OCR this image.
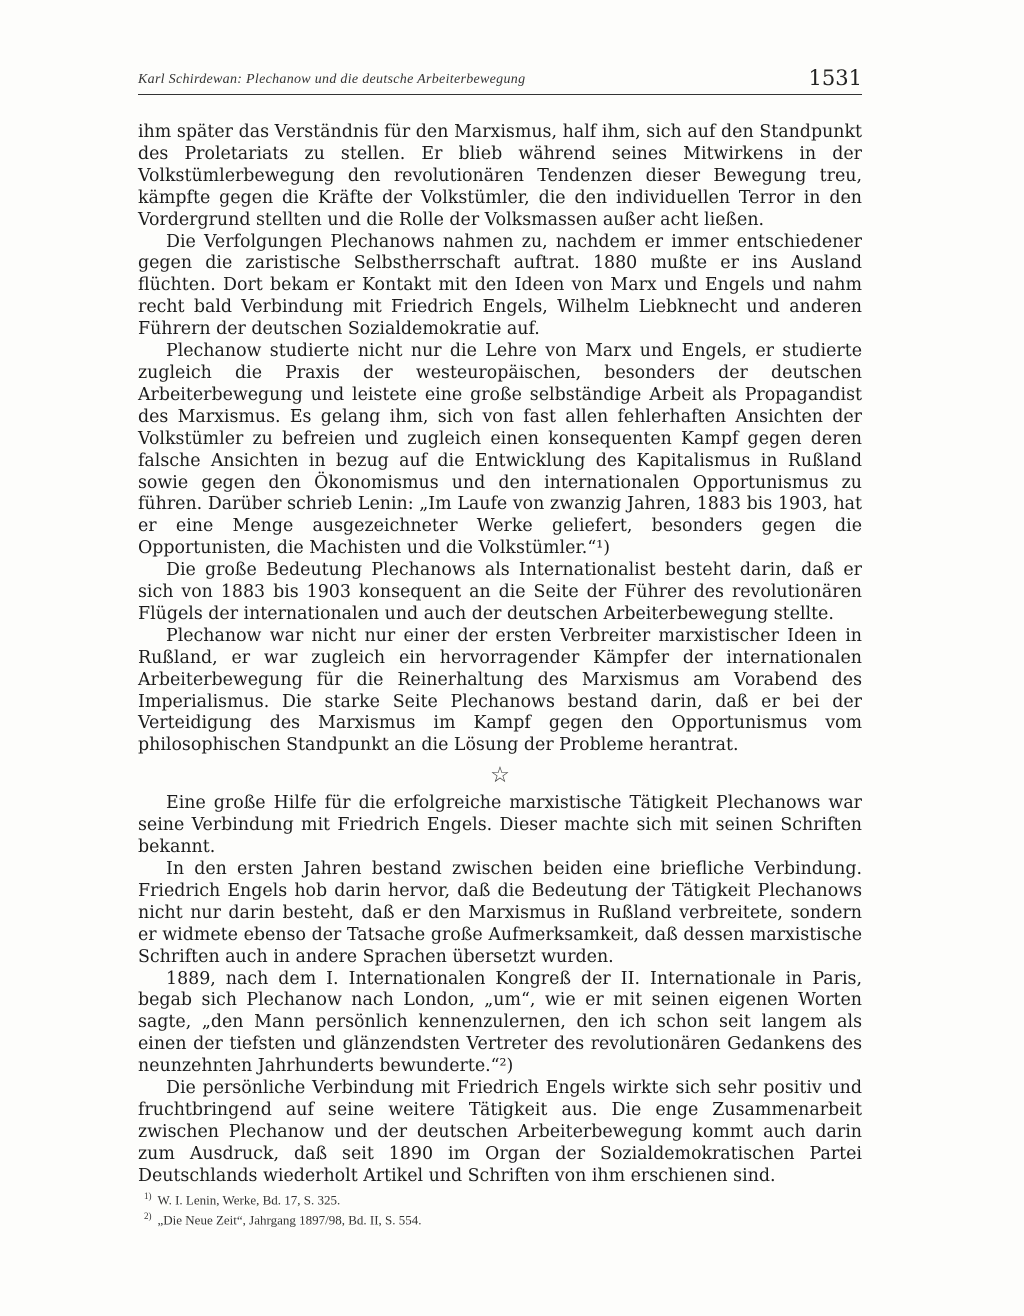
Karl Schirdewan: Plechanow und die deutsche Arbeiterbewegung	1531

ihm später das Verständnis für den Marxismus, half ihm, sich auf den Standpunkt des Proletariats zu stellen. Er blieb während seines Mitwirkens in der Volkstümlerbewegung den revolutionären Tendenzen dieser Bewegung treu, kämpfte gegen die Kräfte der Volkstümler, die den individuellen Terror in den Vordergrund stellten und die Rolle der Volksmassen außer acht ließen.

Die Verfolgungen Plechanows nahmen zu, nachdem er immer entschiedener gegen die zaristische Selbstherrschaft auftrat. 1880 mußte er ins Ausland flüchten. Dort bekam er Kontakt mit den Ideen von Marx und Engels und nahm recht bald Verbindung mit Friedrich Engels, Wilhelm Liebknecht und anderen Führern der deutschen Sozialdemokratie auf.

Plechanow studierte nicht nur die Lehre von Marx und Engels, er studierte zugleich die Praxis der westeuropäischen, besonders der deutschen Arbeiterbewegung und leistete eine große selbständige Arbeit als Propagandist des Marxismus. Es gelang ihm, sich von fast allen fehlerhaften Ansichten der Volkstümler zu befreien und zugleich einen konsequenten Kampf gegen deren falsche Ansichten in bezug auf die Entwicklung des Kapitalismus in Rußland sowie gegen den Ökonomismus und den internationalen Opportunismus zu führen. Darüber schrieb Lenin: „Im Laufe von zwanzig Jahren, 1883 bis 1903, hat er eine Menge ausgezeichneter Werke geliefert, besonders gegen die Opportunisten, die Machisten und die Volkstümler.“¹)

Die große Bedeutung Plechanows als Internationalist besteht darin, daß er sich von 1883 bis 1903 konsequent an die Seite der Führer des revolutionären Flügels der internationalen und auch der deutschen Arbeiterbewegung stellte.

Plechanow war nicht nur einer der ersten Verbreiter marxistischer Ideen in Rußland, er war zugleich ein hervorragender Kämpfer der internationalen Arbeiterbewegung für die Reinerhaltung des Marxismus am Vorabend des Imperialismus. Die starke Seite Plechanows bestand darin, daß er bei der Verteidigung des Marxismus im Kampf gegen den Opportunismus vom philosophischen Standpunkt an die Lösung der Probleme herantrat.

☆

Eine große Hilfe für die erfolgreiche marxistische Tätigkeit Plechanows war seine Verbindung mit Friedrich Engels. Dieser machte sich mit seinen Schriften bekannt.

In den ersten Jahren bestand zwischen beiden eine briefliche Verbindung. Friedrich Engels hob darin hervor, daß die Bedeutung der Tätigkeit Plechanows nicht nur darin besteht, daß er den Marxismus in Rußland verbreitete, sondern er widmete ebenso der Tatsache große Aufmerksamkeit, daß dessen marxistische Schriften auch in andere Sprachen übersetzt wurden.

1889, nach dem I. Internationalen Kongreß der II. Internationale in Paris, begab sich Plechanow nach London, „um“, wie er mit seinen eigenen Worten sagte, „den Mann persönlich kennenzulernen, den ich schon seit langem als einen der tiefsten und glänzendsten Vertreter des revolutionären Gedankens des neunzehnten Jahrhunderts bewunderte.“²)

Die persönliche Verbindung mit Friedrich Engels wirkte sich sehr positiv und fruchtbringend auf seine weitere Tätigkeit aus. Die enge Zusammenarbeit zwischen Plechanow und der deutschen Arbeiterbewegung kommt auch darin zum Ausdruck, daß seit 1890 im Organ der Sozialdemokratischen Partei Deutschlands wiederholt Artikel und Schriften von ihm erschienen sind.

$^{1)}$ W. I. Lenin, Werke, Bd. 17, S. 325.

$^{2)}$ „Die Neue Zeit“, Jahrgang 1897/98, Bd. II, S. 554.
